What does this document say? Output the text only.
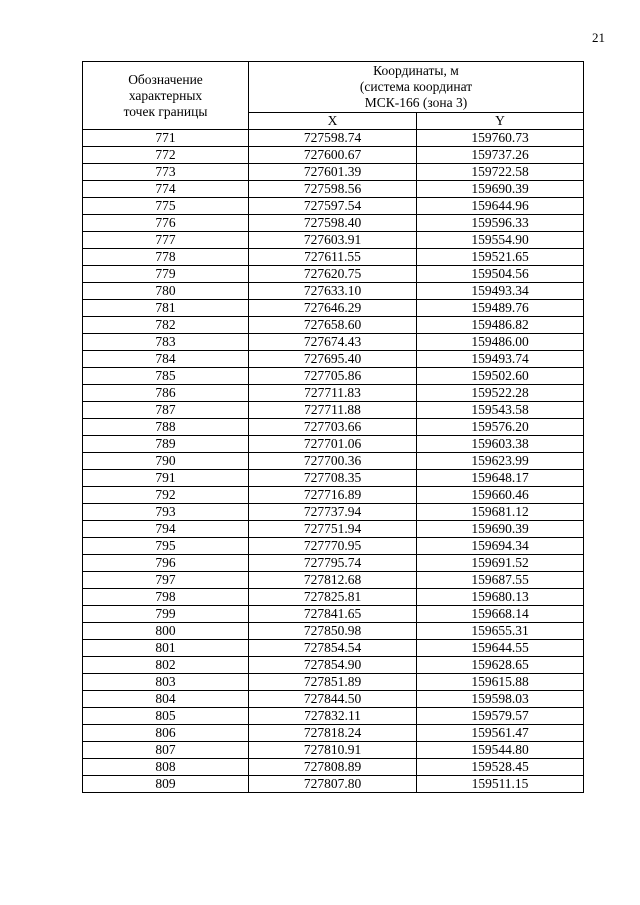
21
Обозначение
характерных
точек границы	Координаты, м
(система координат
МСК-166 (зона 3)	
	X	Y
771	727598.74	159760.73
772	727600.67	159737.26
773	727601.39	159722.58
774	727598.56	159690.39
775	727597.54	159644.96
776	727598.40	159596.33
777	727603.91	159554.90
778	727611.55	159521.65
779	727620.75	159504.56
780	727633.10	159493.34
781	727646.29	159489.76
782	727658.60	159486.82
783	727674.43	159486.00
784	727695.40	159493.74
785	727705.86	159502.60
786	727711.83	159522.28
787	727711.88	159543.58
788	727703.66	159576.20
789	727701.06	159603.38
790	727700.36	159623.99
791	727708.35	159648.17
792	727716.89	159660.46
793	727737.94	159681.12
794	727751.94	159690.39
795	727770.95	159694.34
796	727795.74	159691.52
797	727812.68	159687.55
798	727825.81	159680.13
799	727841.65	159668.14
800	727850.98	159655.31
801	727854.54	159644.55
802	727854.90	159628.65
803	727851.89	159615.88
804	727844.50	159598.03
805	727832.11	159579.57
806	727818.24	159561.47
807	727810.91	159544.80
808	727808.89	159528.45
809	727807.80	159511.15
